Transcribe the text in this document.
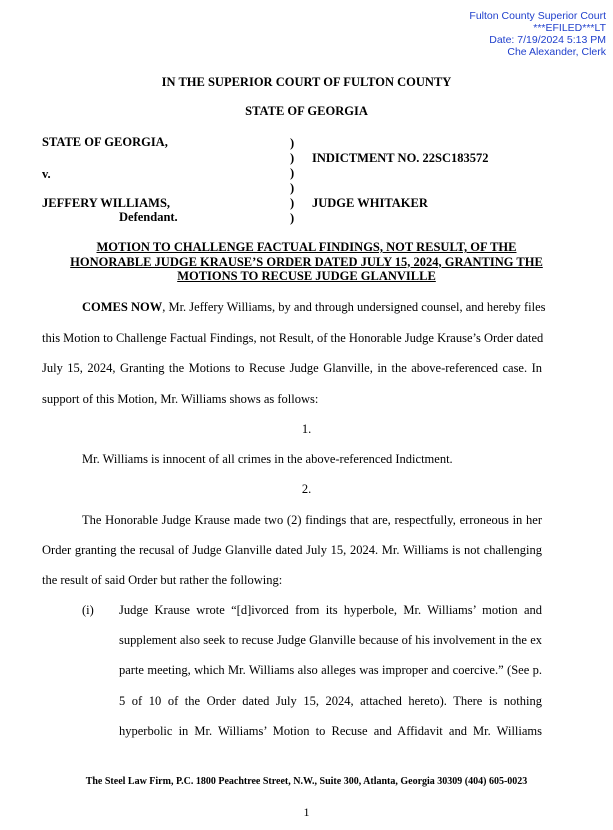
Fulton County Superior Court
***EFILED***LT
Date: 7/19/2024 5:13 PM
Che Alexander, Clerk
IN THE SUPERIOR COURT OF FULTON COUNTY
STATE OF GEORGIA
STATE OF GEORGIA,
v.
JEFFERY WILLIAMS,
Defendant.
)
)
)
)
)
)
INDICTMENT NO. 22SC183572
JUDGE WHITAKER
MOTION TO CHALLENGE FACTUAL FINDINGS, NOT RESULT, OF THE
HONORABLE JUDGE KRAUSE’S ORDER DATED JULY 15, 2024, GRANTING THE
MOTIONS TO RECUSE JUDGE GLANVILLE
COMES NOW, Mr. Jeffery Williams, by and through undersigned counsel, and hereby files
this Motion to Challenge Factual Findings, not Result, of the Honorable Judge Krause’s Order dated
July 15, 2024, Granting the Motions to Recuse Judge Glanville, in the above-referenced case. In
support of this Motion, Mr. Williams shows as follows:
1.
Mr. Williams is innocent of all crimes in the above-referenced Indictment.
2.
The Honorable Judge Krause made two (2) findings that are, respectfully, erroneous in her
Order granting the recusal of Judge Glanville dated July 15, 2024. Mr. Williams is not challenging
the result of said Order but rather the following:
(i) Judge Krause wrote “[d]ivorced from its hyperbole, Mr. Williams’ motion and
supplement also seek to recuse Judge Glanville because of his involvement in the ex
parte meeting, which Mr. Williams also alleges was improper and coercive.” (See p.
5 of 10 of the Order dated July 15, 2024, attached hereto). There is nothing
hyperbolic in Mr. Williams’ Motion to Recuse and Affidavit and Mr. Williams
The Steel Law Firm, P.C. 1800 Peachtree Street, N.W., Suite 300, Atlanta, Georgia 30309 (404) 605-0023
1
